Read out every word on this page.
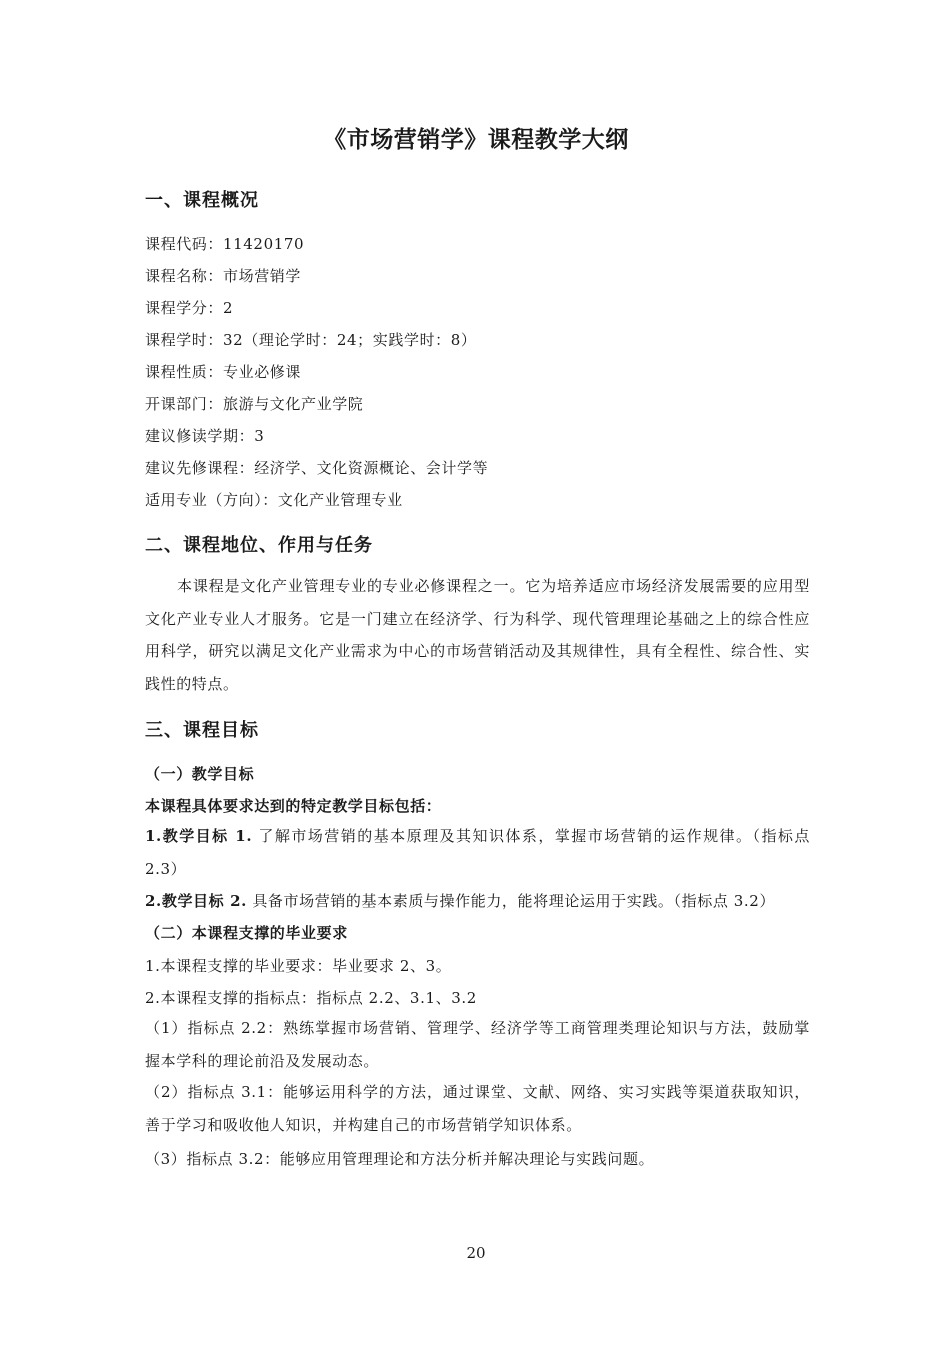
《市场营销学》课程教学大纲
一、课程概况
课程代码：11420170
课程名称：市场营销学
课程学分：2
课程学时：32（理论学时：24；实践学时：8）
课程性质：专业必修课
开课部门：旅游与文化产业学院
建议修读学期：3
建议先修课程：经济学、文化资源概论、会计学等
适用专业（方向）：文化产业管理专业
二、课程地位、作用与任务
本课程是文化产业管理专业的专业必修课程之一。它为培养适应市场经济发展需要的应用型文化产业专业人才服务。它是一门建立在经济学、行为科学、现代管理理论基础之上的综合性应用科学，研究以满足文化产业需求为中心的市场营销活动及其规律性，具有全程性、综合性、实践性的特点。
三、课程目标
（一）教学目标
本课程具体要求达到的特定教学目标包括：
1.教学目标 1. 了解市场营销的基本原理及其知识体系，掌握市场营销的运作规律。（指标点 2.3）
2.教学目标 2. 具备市场营销的基本素质与操作能力，能将理论运用于实践。（指标点 3.2）
（二）本课程支撑的毕业要求
1.本课程支撑的毕业要求：毕业要求 2、3。
2.本课程支撑的指标点：指标点 2.2、3.1、3.2
（1）指标点 2.2：熟练掌握市场营销、管理学、经济学等工商管理类理论知识与方法，鼓励掌握本学科的理论前沿及发展动态。
（2）指标点 3.1：能够运用科学的方法，通过课堂、文献、网络、实习实践等渠道获取知识，善于学习和吸收他人知识，并构建自己的市场营销学知识体系。
（3）指标点 3.2：能够应用管理理论和方法分析并解决理论与实践问题。
20
